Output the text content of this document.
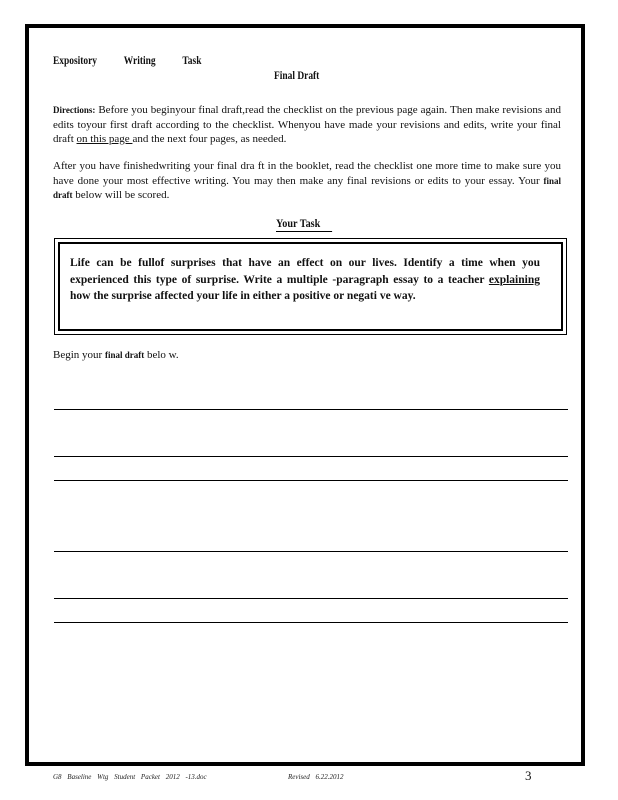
Expository Writing Task
Final Draft
Directions: Before you beginyour final draft,read the checklist on the previous page again. Then make revisions and edits toyour first draft according to the checklist. Whenyou have made your revisions and edits, write your final draft on this page and the next four pages, as needed.
After you have finishedwriting your final dra ft in the booklet, read the checklist one more time to make sure you have done your most effective writing. You may then make any final revisions or edits to your essay. Your final draft below will be scored.
Your Task
Life can be fullof surprises that have an effect on our lives. Identify a time when you experienced this type of surprise. Write a multiple -paragraph essay to a teacher explaining how the surprise affected your life in either a positive or negati ve way.
Begin your final draft belo w.
G8 Baseline Wtg Student Packet 2012 -13.doc	Revised 6.22.2012	3
